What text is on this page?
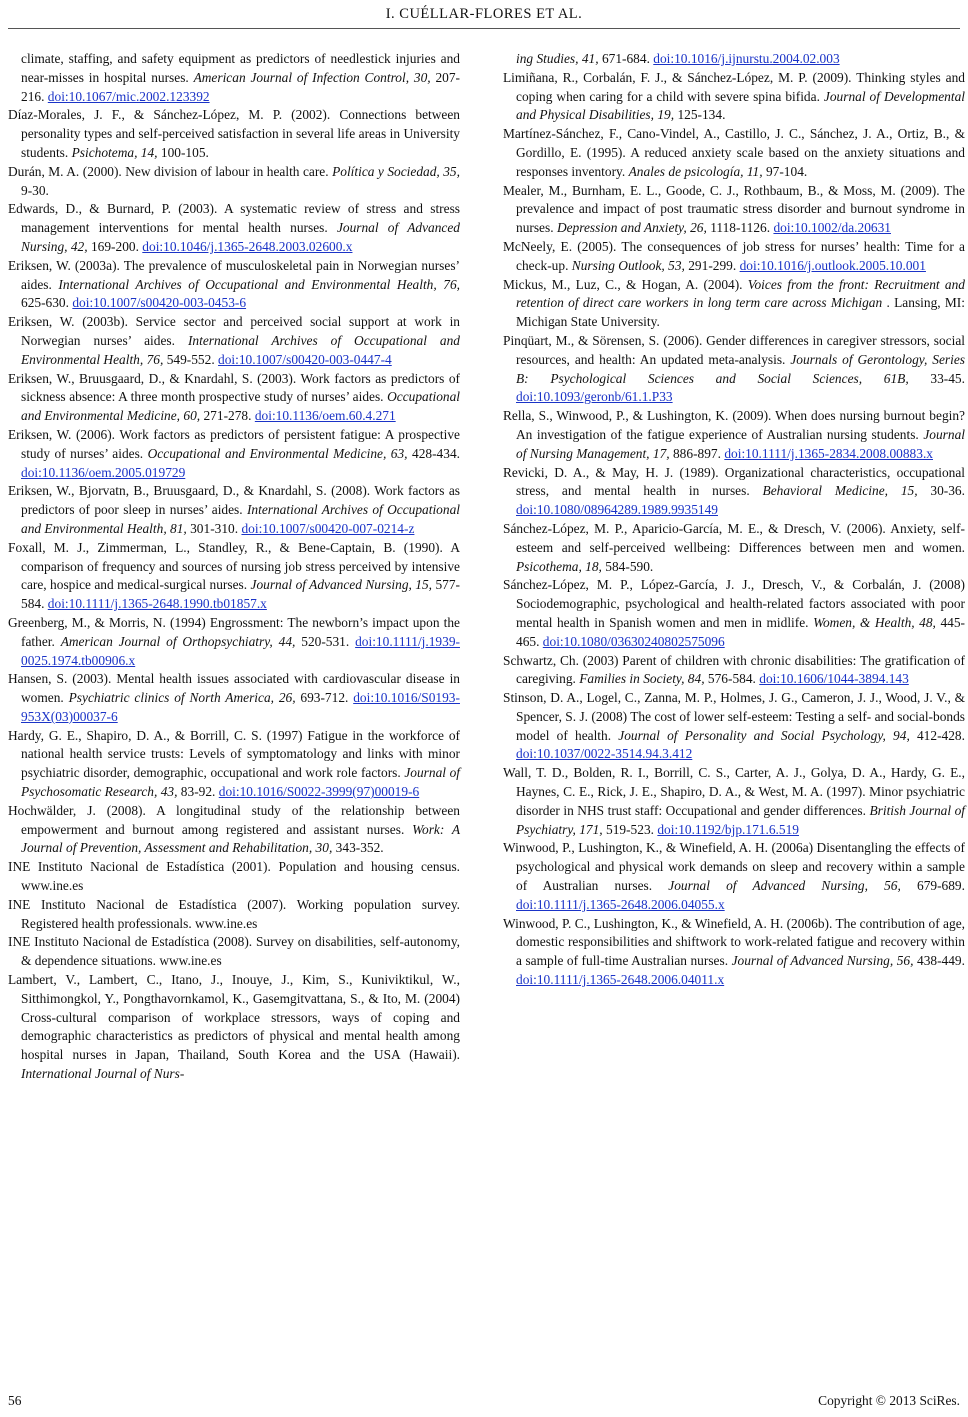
I. CUÉLLAR-FLORES ET AL.

climate, staffing, and safety equipment as predictors of needlestick injuries and near-misses in hospital nurses. American Journal of Infection Control, 30, 207-216. doi:10.1067/mic.2002.123392

Díaz-Morales, J. F., & Sánchez-López, M. P. (2002). Connections between personality types and self-perceived satisfaction in several life areas in University students. Psichotema, 14, 100-105.

Durán, M. A. (2000). New division of labour in health care. Política y Sociedad, 35, 9-30.

Edwards, D., & Burnard, P. (2003). A systematic review of stress and stress management interventions for mental health nurses. Journal of Advanced Nursing, 42, 169-200. doi:10.1046/j.1365-2648.2003.02600.x

Eriksen, W. (2003a). The prevalence of musculoskeletal pain in Norwegian nurses’ aides. International Archives of Occupational and Environmental Health, 76, 625-630. doi:10.1007/s00420-003-0453-6

Eriksen, W. (2003b). Service sector and perceived social support at work in Norwegian nurses’ aides. International Archives of Occupational and Environmental Health, 76, 549-552. doi:10.1007/s00420-003-0447-4

Eriksen, W., Bruusgaard, D., & Knardahl, S. (2003). Work factors as predictors of sickness absence: A three month prospective study of nurses’ aides. Occupational and Environmental Medicine, 60, 271-278. doi:10.1136/oem.60.4.271

Eriksen, W. (2006). Work factors as predictors of persistent fatigue: A prospective study of nurses’ aides. Occupational and Environmental Medicine, 63, 428-434. doi:10.1136/oem.2005.019729

Eriksen, W., Bjorvatn, B., Bruusgaard, D., & Knardahl, S. (2008). Work factors as predictors of poor sleep in nurses’ aides. International Archives of Occupational and Environmental Health, 81, 301-310. doi:10.1007/s00420-007-0214-z

Foxall, M. J., Zimmerman, L., Standley, R., & Bene-Captain, B. (1990). A comparison of frequency and sources of nursing job stress perceived by intensive care, hospice and medical-surgical nurses. Journal of Advanced Nursing, 15, 577-584. doi:10.1111/j.1365-2648.1990.tb01857.x

Greenberg, M., & Morris, N. (1994) Engrossment: The newborn’s impact upon the father. American Journal of Orthopsychiatry, 44, 520-531. doi:10.1111/j.1939-0025.1974.tb00906.x

Hansen, S. (2003). Mental health issues associated with cardiovascular disease in women. Psychiatric clinics of North America, 26, 693-712. doi:10.1016/S0193-953X(03)00037-6

Hardy, G. E., Shapiro, D. A., & Borrill, C. S. (1997) Fatigue in the workforce of national health service trusts: Levels of symptomatology and links with minor psychiatric disorder, demographic, occupational and work role factors. Journal of Psychosomatic Research, 43, 83-92. doi:10.1016/S0022-3999(97)00019-6

Hochwälder, J. (2008). A longitudinal study of the relationship between empowerment and burnout among registered and assistant nurses. Work: A Journal of Prevention, Assessment and Rehabilitation, 30, 343-352.

INE Instituto Nacional de Estadística (2001). Population and housing census. www.ine.es

INE Instituto Nacional de Estadística (2007). Working population survey. Registered health professionals. www.ine.es

INE Instituto Nacional de Estadística (2008). Survey on disabilities, self-autonomy, & dependence situations. www.ine.es

Lambert, V., Lambert, C., Itano, J., Inouye, J., Kim, S., Kuniviktikul, W., Sitthimongkol, Y., Pongthavornkamol, K., Gasemgitvattana, S., & Ito, M. (2004) Cross-cultural comparison of workplace stressors, ways of coping and demographic characteristics as predictors of physical and mental health among hospital nurses in Japan, Thailand, South Korea and the USA (Hawaii). International Journal of Nurs-

ing Studies, 41, 671-684. doi:10.1016/j.ijnurstu.2004.02.003

Limiñana, R., Corbalán, F. J., & Sánchez-López, M. P. (2009). Thinking styles and coping when caring for a child with severe spina bifida. Journal of Developmental and Physical Disabilities, 19, 125-134.

Martínez-Sánchez, F., Cano-Vindel, A., Castillo, J. C., Sánchez, J. A., Ortiz, B., & Gordillo, E. (1995). A reduced anxiety scale based on the anxiety situations and responses inventory. Anales de psicología, 11, 97-104.

Mealer, M., Burnham, E. L., Goode, C. J., Rothbaum, B., & Moss, M. (2009). The prevalence and impact of post traumatic stress disorder and burnout syndrome in nurses. Depression and Anxiety, 26, 1118-1126. doi:10.1002/da.20631

McNeely, E. (2005). The consequences of job stress for nurses’ health: Time for a check-up. Nursing Outlook, 53, 291-299. doi:10.1016/j.outlook.2005.10.001

Mickus, M., Luz, C., & Hogan, A. (2004). Voices from the front: Recruitment and retention of direct care workers in long term care across Michigan . Lansing, MI: Michigan State University.

Pinqüart, M., & Sörensen, S. (2006). Gender differences in caregiver stressors, social resources, and health: An updated meta-analysis. Journals of Gerontology, Series B: Psychological Sciences and Social Sciences, 61B, 33-45. doi:10.1093/geronb/61.1.P33

Rella, S., Winwood, P., & Lushington, K. (2009). When does nursing burnout begin? An investigation of the fatigue experience of Australian nursing students. Journal of Nursing Management, 17, 886-897. doi:10.1111/j.1365-2834.2008.00883.x

Revicki, D. A., & May, H. J. (1989). Organizational characteristics, occupational stress, and mental health in nurses. Behavioral Medicine, 15, 30-36. doi:10.1080/08964289.1989.9935149

Sánchez-López, M. P., Aparicio-García, M. E., & Dresch, V. (2006). Anxiety, self-esteem and self-perceived wellbeing: Differences between men and women. Psicothema, 18, 584-590.

Sánchez-López, M. P., López-García, J. J., Dresch, V., & Corbalán, J. (2008) Sociodemographic, psychological and health-related factors associated with poor mental health in Spanish women and men in midlife. Women, & Health, 48, 445-465. doi:10.1080/03630240802575096

Schwartz, Ch. (2003) Parent of children with chronic disabilities: The gratification of caregiving. Families in Society, 84, 576-584. doi:10.1606/1044-3894.143

Stinson, D. A., Logel, C., Zanna, M. P., Holmes, J. G., Cameron, J. J., Wood, J. V., & Spencer, S. J. (2008) The cost of lower self-esteem: Testing a self- and social-bonds model of health. Journal of Personality and Social Psychology, 94, 412-428. doi:10.1037/0022-3514.94.3.412

Wall, T. D., Bolden, R. I., Borrill, C. S., Carter, A. J., Golya, D. A., Hardy, G. E., Haynes, C. E., Rick, J. E., Shapiro, D. A., & West, M. A. (1997). Minor psychiatric disorder in NHS trust staff: Occupational and gender differences. British Journal of Psychiatry, 171, 519-523. doi:10.1192/bjp.171.6.519

Winwood, P., Lushington, K., & Winefield, A. H. (2006a) Disentangling the effects of psychological and physical work demands on sleep and recovery within a sample of Australian nurses. Journal of Advanced Nursing, 56, 679-689. doi:10.1111/j.1365-2648.2006.04055.x

Winwood, P. C., Lushington, K., & Winefield, A. H. (2006b). The contribution of age, domestic responsibilities and shiftwork to work-related fatigue and recovery within a sample of full-time Australian nurses. Journal of Advanced Nursing, 56, 438-449. doi:10.1111/j.1365-2648.2006.04011.x

56	Copyright © 2013 SciRes.
